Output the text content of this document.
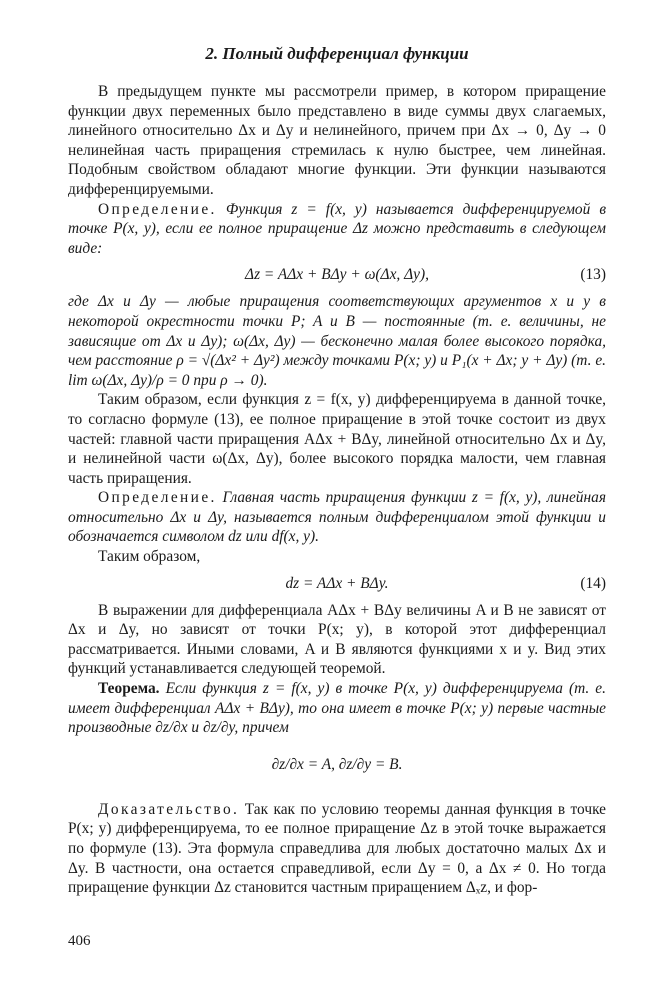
2. Полный дифференциал функции

В предыдущем пункте мы рассмотрели пример, в котором приращение функции двух переменных было представлено в виде суммы двух слагаемых, линейного относительно Δx и Δy и нелинейного, причем при Δx → 0, Δy → 0 нелинейная часть приращения стремилась к нулю быстрее, чем линейная. Подобным свойством обладают многие функции. Эти функции называются дифференцируемыми.

Определение. Функция z = f(x, y) называется дифференцируемой в точке P(x, y), если ее полное приращение Δz можно представить в следующем виде:

Δz = AΔx + BΔy + ω(Δx, Δy),	(13)

где Δx и Δy — любые приращения соответствующих аргументов x и y в некоторой окрестности точки P; A и B — постоянные (т. е. величины, не зависящие от Δx и Δy); ω(Δx, Δy) — бесконечно малая более высокого порядка, чем расстояние ρ = √(Δx² + Δy²) между точками P(x; y) и P₁(x + Δx; y + Δy) (т. е. lim ω(Δx, Δy)/ρ = 0 при ρ → 0).

Таким образом, если функция z = f(x, y) дифференцируема в данной точке, то согласно формуле (13), ее полное приращение в этой точке состоит из двух частей: главной части приращения AΔx + BΔy, линейной относительно Δx и Δy, и нелинейной части ω(Δx, Δy), более высокого порядка малости, чем главная часть приращения.

Определение. Главная часть приращения функции z = f(x, y), линейная относительно Δx и Δy, называется полным дифференциалом этой функции и обозначается символом dz или df(x, y).

Таким образом,

dz = AΔx + BΔy.	(14)

В выражении для дифференциала AΔx + BΔy величины A и B не зависят от Δx и Δy, но зависят от точки P(x; y), в которой этот дифференциал рассматривается. Иными словами, A и B являются функциями x и y. Вид этих функций устанавливается следующей теоремой.

Теорема. Если функция z = f(x, y) в точке P(x, y) дифференцируема (т. е. имеет дифференциал AΔx + BΔy), то она имеет в точке P(x; y) первые частные производные ∂z/∂x и ∂z/∂y, причем

∂z/∂x = A, ∂z/∂y = B.

Доказательство. Так как по условию теоремы данная функция в точке P(x; y) дифференцируема, то ее полное приращение Δz в этой точке выражается по формуле (13). Эта формула справедлива для любых достаточно малых Δx и Δy. В частности, она остается справедливой, если Δy = 0, а Δx ≠ 0. Но тогда приращение функции Δz становится частным приращением Δₓz, и фор-

406
